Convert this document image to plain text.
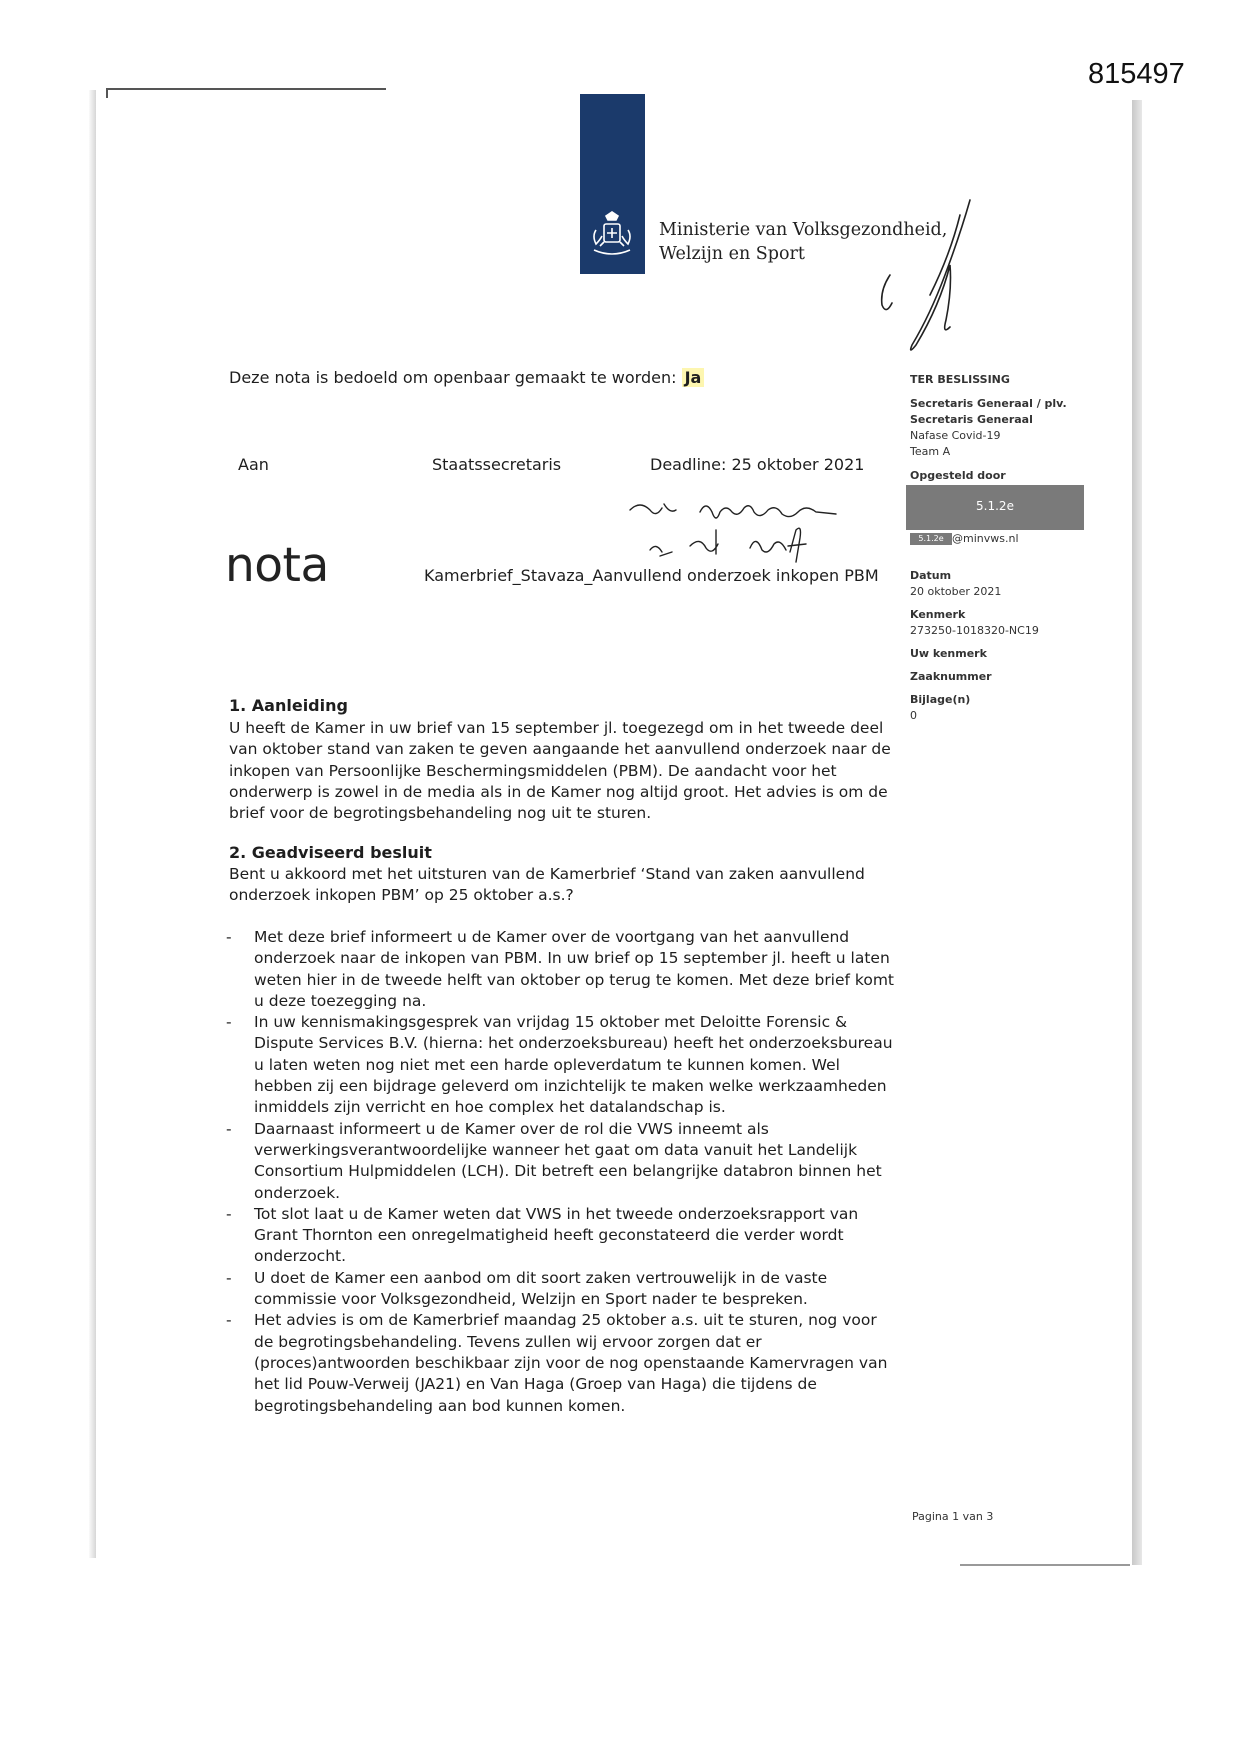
815497
Ministerie van Volksgezondheid,
Welzijn en Sport
Deze nota is bedoeld om openbaar gemaakt te worden: Ja
Aan	Staatssecretaris	Deadline: 25 oktober 2021
nota	Kamerbrief_Stavaza_Aanvullend onderzoek inkopen PBM
TER BESLISSING
Secretaris Generaal / plv.
Secretaris Generaal
Nafase Covid-19
Team A
Opgesteld door
5.1.2e
5.1.2e @minvws.nl
Datum
20 oktober 2021
Kenmerk
273250-1018320-NC19
Uw kenmerk
Zaaknummer
Bijlage(n)
0
1. Aanleiding
U heeft de Kamer in uw brief van 15 september jl. toegezegd om in het tweede deel van oktober stand van zaken te geven aangaande het aanvullend onderzoek naar de inkopen van Persoonlijke Beschermingsmiddelen (PBM). De aandacht voor het onderwerp is zowel in de media als in de Kamer nog altijd groot. Het advies is om de brief voor de begrotingsbehandeling nog uit te sturen.
2. Geadviseerd besluit
Bent u akkoord met het uitsturen van de Kamerbrief ‘Stand van zaken aanvullend onderzoek inkopen PBM’ op 25 oktober a.s.?
- Met deze brief informeert u de Kamer over de voortgang van het aanvullend onderzoek naar de inkopen van PBM. In uw brief op 15 september jl. heeft u laten weten hier in de tweede helft van oktober op terug te komen. Met deze brief komt u deze toezegging na.
- In uw kennismakingsgesprek van vrijdag 15 oktober met Deloitte Forensic & Dispute Services B.V. (hierna: het onderzoeksbureau) heeft het onderzoeksbureau u laten weten nog niet met een harde opleverdatum te kunnen komen. Wel hebben zij een bijdrage geleverd om inzichtelijk te maken welke werkzaamheden inmiddels zijn verricht en hoe complex het datalandschap is.
- Daarnaast informeert u de Kamer over de rol die VWS inneemt als verwerkingsverantwoordelijke wanneer het gaat om data vanuit het Landelijk Consortium Hulpmiddelen (LCH). Dit betreft een belangrijke databron binnen het onderzoek.
- Tot slot laat u de Kamer weten dat VWS in het tweede onderzoeksrapport van Grant Thornton een onregelmatigheid heeft geconstateerd die verder wordt onderzocht.
- U doet de Kamer een aanbod om dit soort zaken vertrouwelijk in de vaste commissie voor Volksgezondheid, Welzijn en Sport nader te bespreken.
- Het advies is om de Kamerbrief maandag 25 oktober a.s. uit te sturen, nog voor de begrotingsbehandeling. Tevens zullen wij ervoor zorgen dat er (proces)antwoorden beschikbaar zijn voor de nog openstaande Kamervragen van het lid Pouw-Verweij (JA21) en Van Haga (Groep van Haga) die tijdens de begrotingsbehandeling aan bod kunnen komen.
Pagina 1 van 3
